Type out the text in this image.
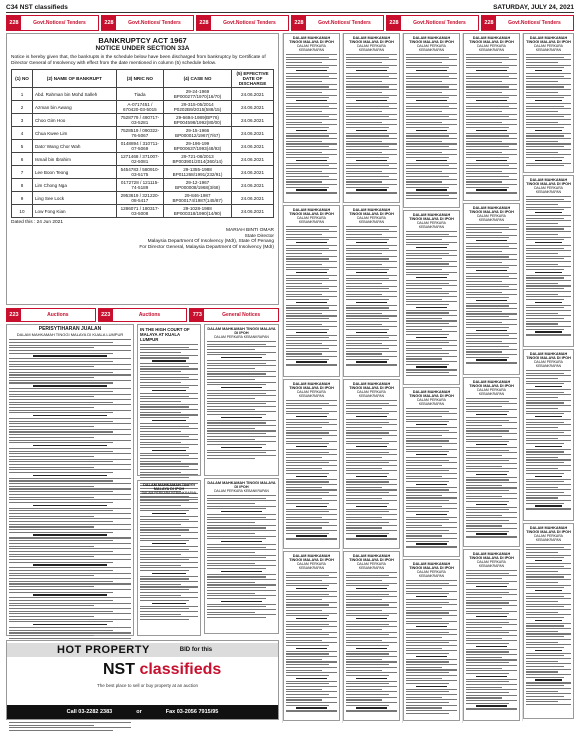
C34 NST classifieds	SATURDAY, JULY 24, 2021
228	Govt.Notices/ Tenders	228	Govt.Notices/ Tenders	228	Govt.Notices/ Tenders	228	Govt.Notices/ Tenders	228	Govt.Notices/ Tenders	228	Govt.Notices/ Tenders
BANKRUPTCY ACT 1967
NOTICE UNDER SECTION 33A

Notice is hereby given that, the bankrupts in the schedule below have been discharged from bankruptcy by Certificate of Director General of Insolvency with effect from the date mentioned in column (5) schedule below.

(1) NO	(2) NAME OF BANKRUPT	(3) NRIC NO	(4) CASE NO	(5) EFFECTIVE DATE OF DISCHARGE
1	Abd. Rahman bin Mohd Salleh	Tiada	29-24-1969 BP000277/1970(16/70)	24.06.2021
2	Azman bin Awang	A-0717451 / 670420-03-5015	29-315-05/2014 P0202B9/2015(588/15)	24.06.2021
3	Choo Gim Hoo	7528779 / 490717-03-5281	29-6694-1989(BP76) BP004598/1992(80/00)	24.06.2021
4	Chua Kwee Lim	7528519 / 090322-76-5067	29-15-1966 BP000012/1967(7/67)	24.06.2021
5	Dato' Wang Chor Wah	0148894 / 310711-07-5069	29-196-199 BP000637/1993(48/93)	24.06.2021
6	Ismail bin Ibrahim	1271468 / 371007-02-5081	29-721-08/2013 BP003901/2014(360/14)	24.06.2021
7	Lee Boon Teong	5454783 / 580910-03-5175	29-1355-1988 BP011268/1991(232/91)	24.06.2021
8	Lim Chong Nga	0172728 / 121115-74-5189	29-12-1967 BP000008/1968(3/68)	24.06.2021
9	Ling See Lock	2953619 / 321220-08-5417	29-846-1987 BP000174/1987(145/87)	24.06.2021
10	Low Fong Kian	1286071 / 180317-03-5008	29-1028-1988 BP000318/1990(14/90)	24.06.2021
Dated this : 24 Jun 2021
MARIAH BINTI OMAR
State Director
Malaysia Department Of Insolvency (MdI), State Of Penang
For Director General, Malaysia Department Of Insolvency (MdI)
223	Auctions	223	Auctions	773	General Notices
PERISYTIHARAN JUALAN
DALAM MAHKAMAH TINGGI MALAYA DI KUALA LUMPUR
IN THE HIGH COURT OF MALAYA AT KUALA LUMPUR
DALAM MAHKAMAH TINGGI MALAYA DI IPOH
DALAM PERKARA KEBANKRAPAN
DALAM MAHKAMAH TINGGI MALAYA DI IPOH
DALAM PERKARA KEBANKRAPAN
DALAM MAHKAMAH TINGGI MALAYA DI IPOH
DALAM PERKARA KEBANKRAPAN
HOT PROPERTY	BID for this
NST classifieds
The best place to sell or buy property at an auction
Call 03-2282 2383	or	Fax 03-2056 7915/95
DALAM MAHKAMAH TINGGI MALAYA DI IPOH
DALAM PERKARA KEBANKRAPAN
DALAM MAHKAMAH TINGGI MALAYA DI IPOH
DALAM PERKARA KEBANKRAPAN
DALAM MAHKAMAH TINGGI MALAYA DI IPOH
DALAM PERKARA KEBANKRAPAN
DALAM MAHKAMAH TINGGI MALAYA DI IPOH
DALAM PERKARA KEBANKRAPAN
DALAM MAHKAMAH TINGGI MALAYA DI IPOH
DALAM PERKARA KEBANKRAPAN
DALAM MAHKAMAH TINGGI MALAYA DI IPOH
DALAM PERKARA KEBANKRAPAN
DALAM MAHKAMAH TINGGI MALAYA DI IPOH
DALAM PERKARA KEBANKRAPAN
DALAM MAHKAMAH TINGGI MALAYA DI IPOH
DALAM PERKARA KEBANKRAPAN
DALAM MAHKAMAH TINGGI MALAYA DI IPOH
DALAM PERKARA KEBANKRAPAN
DALAM MAHKAMAH TINGGI MALAYA DI IPOH
DALAM PERKARA KEBANKRAPAN
DALAM MAHKAMAH TINGGI MALAYA DI IPOH
DALAM PERKARA KEBANKRAPAN
DALAM MAHKAMAH TINGGI MALAYA DI IPOH
DALAM PERKARA KEBANKRAPAN
DALAM MAHKAMAH TINGGI MALAYA DI IPOH
DALAM PERKARA KEBANKRAPAN
DALAM MAHKAMAH TINGGI MALAYA DI IPOH
DALAM PERKARA KEBANKRAPAN
DALAM MAHKAMAH TINGGI MALAYA DI IPOH
DALAM PERKARA KEBANKRAPAN
DALAM MAHKAMAH TINGGI MALAYA DI IPOH
DALAM PERKARA KEBANKRAPAN
DALAM MAHKAMAH TINGGI MALAYA DI IPOH
DALAM PERKARA KEBANKRAPAN
DALAM MAHKAMAH TINGGI MALAYA DI IPOH
DALAM PERKARA KEBANKRAPAN
DALAM MAHKAMAH TINGGI MALAYA DI IPOH
DALAM PERKARA KEBANKRAPAN
DALAM MAHKAMAH TINGGI MALAYA DI IPOH
DALAM PERKARA KEBANKRAPAN
